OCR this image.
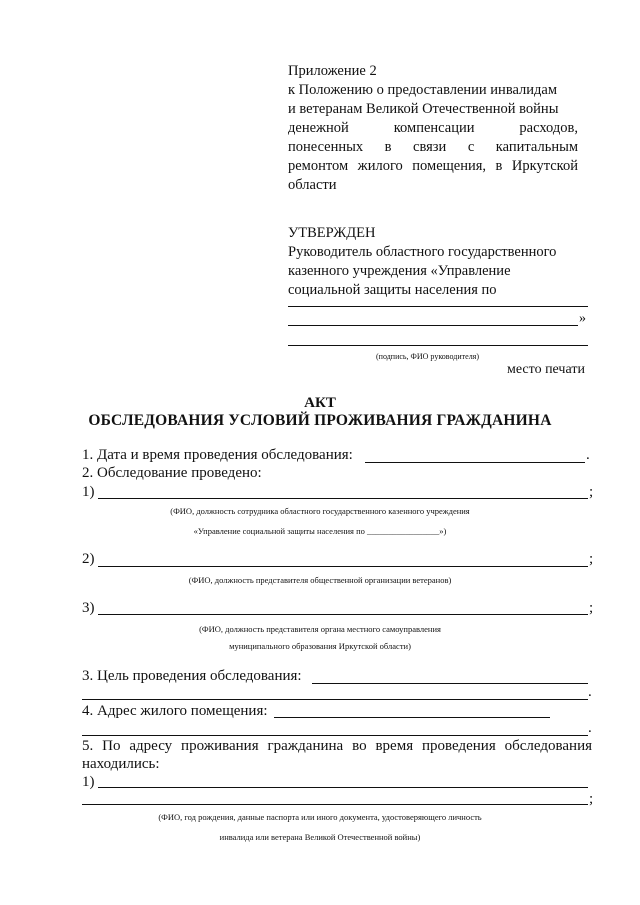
Приложение 2
к Положению о предоставлении инвалидам
и ветеранам Великой Отечественной войны
денежной компенсации расходов,
понесенных в связи с капитальным
ремонтом жилого помещения, в Иркутской
области
УТВЕРЖДЕН
Руководитель областного государственного
казенного учреждения «Управление
социальной защиты населения по
»
(подпись, ФИО руководителя)
место печати
АКТ
ОБСЛЕДОВАНИЯ УСЛОВИЙ ПРОЖИВАНИЯ ГРАЖДАНИНА
1. Дата и время проведения обследования:	.
2. Обследование проведено:
1)	;
(ФИО, должность сотрудника областного государственного казенного учреждения
«Управление социальной защиты населения по _________________»)
2)	;
(ФИО, должность представителя общественной организации ветеранов)
3)	;
(ФИО, должность представителя органа местного самоуправления
муниципального образования Иркутской области)
3. Цель проведения обследования:
.
4. Адрес жилого помещения:
.
5. По адресу проживания гражданина во время проведения обследования
находились:
1)
;
(ФИО, год рождения, данные паспорта или иного документа, удостоверяющего личность
инвалида или ветерана Великой Отечественной войны)
